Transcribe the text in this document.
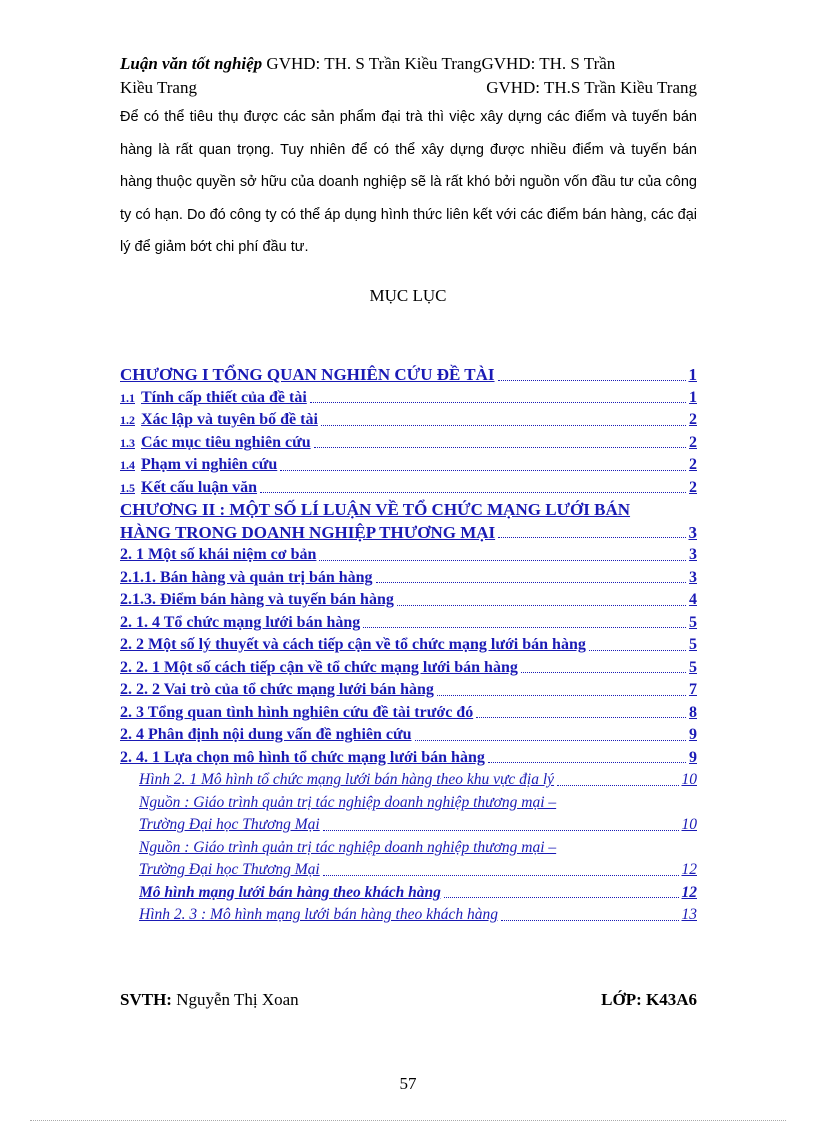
Luận văn tốt nghiệp GVHD: TH. S Trần Kiều TrangGVHD: TH. S Trần
Kiều Trang	GVHD: TH.S Trần Kiều Trang
Để có thể tiêu thụ được các sản phẩm đại trà thì việc xây dựng các điểm và tuyến bán hàng là rất quan trọng. Tuy nhiên để có thể xây dựng được nhiều điểm và tuyến bán hàng thuộc quyền sở hữu của doanh nghiệp sẽ là rất khó bởi nguồn vốn đầu tư của công ty có hạn. Do đó công ty có thể áp dụng hình thức liên kết với các điểm bán hàng, các đại lý để giảm bớt chi phí đầu tư.
MỤC LỤC
CHƯƠNG I TỔNG QUAN NGHIÊN CỨU ĐỀ TÀI	1
1.1 Tính cấp thiết của đề tài	1
1.2 Xác lập và tuyên bố đề tài	2
1.3 Các mục tiêu nghiên cứu	2
1.4 Phạm vi nghiên cứu	2
1.5 Kết cấu luận văn	2
CHƯƠNG II : MỘT SỐ LÍ LUẬN VỀ TỔ CHỨC MẠNG LƯỚI BÁN
HÀNG TRONG DOANH NGHIỆP THƯƠNG MẠI	3
2. 1 Một số khái niệm cơ bản	3
2.1.1. Bán hàng và quản trị bán hàng	3
2.1.3. Điểm bán hàng và tuyến bán hàng	4
2. 1. 4 Tổ chức mạng lưới bán hàng	5
2. 2 Một số lý thuyết và cách tiếp cận về tổ chức mạng lưới bán hàng	5
2. 2. 1 Một số cách tiếp cận về tổ chức mạng lưới bán hàng	5
2. 2. 2 Vai trò của tổ chức mạng lưới bán hàng	7
2. 3 Tổng quan tình hình nghiên cứu đề tài trước đó	8
2. 4 Phân định nội dung vấn đề nghiên cứu	9
2. 4. 1 Lựa chọn mô hình tổ chức mạng lưới bán hàng	9
Hình 2. 1 Mô hình tổ chức mạng lưới bán hàng theo khu vực địa lý	10
Nguồn : Giáo trình quản trị tác nghiệp doanh nghiệp thương mại –
Trường Đại học Thương Mại	10
Nguồn : Giáo trình quản trị tác nghiệp doanh nghiệp thương mại –
Trường Đại học Thương Mại	12
Mô hình mạng lưới bán hàng theo khách hàng	12
Hình 2. 3 : Mô hình mạng lưới bán hàng theo khách hàng	13
SVTH: Nguyễn Thị Xoan	LỚP: K43A6
57
